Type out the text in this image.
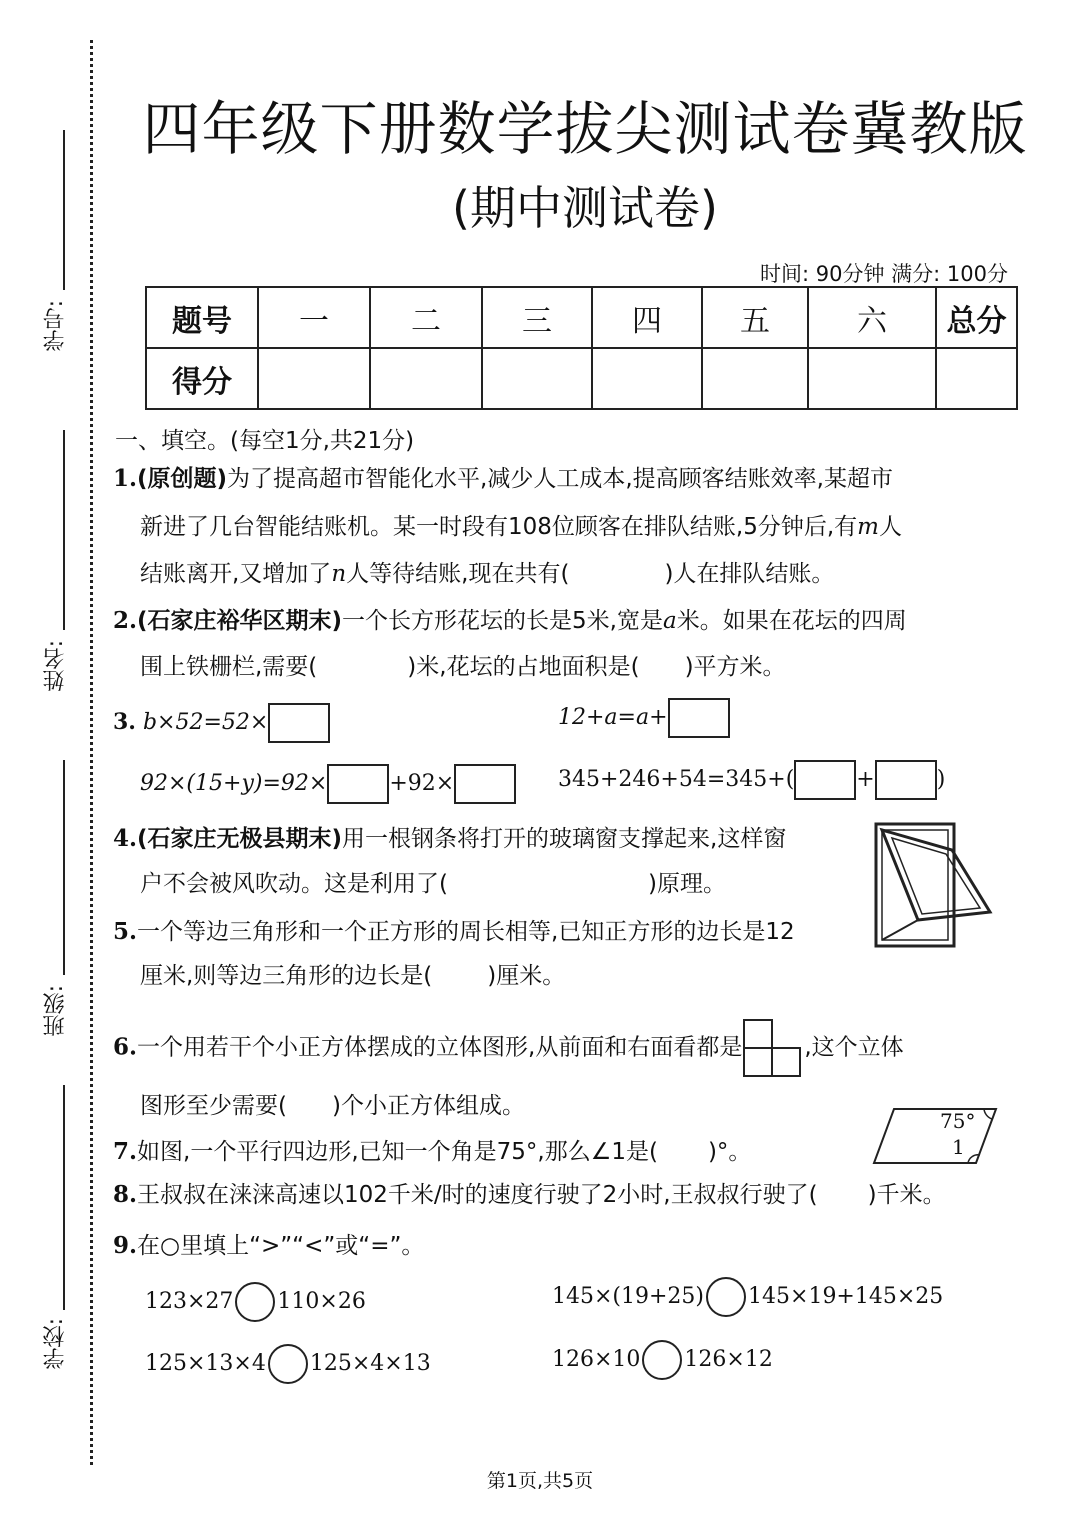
学号:
姓名:
班级:
学校:
四年级下册数学拔尖测试卷冀教版
(期中测试卷)
时间: 90分钟 满分: 100分
题号	一	二	三	四	五	六	总分
得分							
一、填空。(每空1分,共21分)
1.(原创题)为了提高超市智能化水平,减少人工成本,提高顾客结账效率,某超市
新进了几台智能结账机。某一时段有108位顾客在排队结账,5分钟后,有m人
结账离开,又增加了n人等待结账,现在共有(	)人在排队结账。
2.(石家庄裕华区期末)一个长方形花坛的长是5米,宽是a米。如果在花坛的四周
围上铁栅栏,需要(	)米,花坛的占地面积是( )平方米。
3. b×52=52×	12+a=a+
92×(15+y)=92×	+92×	345+246+54=345+(	+	)
4.(石家庄无极县期末)用一根钢条将打开的玻璃窗支撑起来,这样窗
户不会被风吹动。这是利用了(	)原理。
5.一个等边三角形和一个正方形的周长相等,已知正方形的边长是12
厘米,则等边三角形的边长是( )厘米。
6.一个用若干个小正方体摆成的立体图形,从前面和右面看都是	,这个立体
图形至少需要( )个小正方体组成。
7.如图,一个平行四边形,已知一个角是75°,那么∠1是( )°。
75°
1
8.王叔叔在涞涞高速以102千米/时的速度行驶了2小时,王叔叔行驶了( )千米。
9.在○里填上“>”“<”或“=”。
123×27 110×26	145×(19+25) 145×19+145×25
125×13×4 125×4×13	126×10 126×12
第1页,共5页
